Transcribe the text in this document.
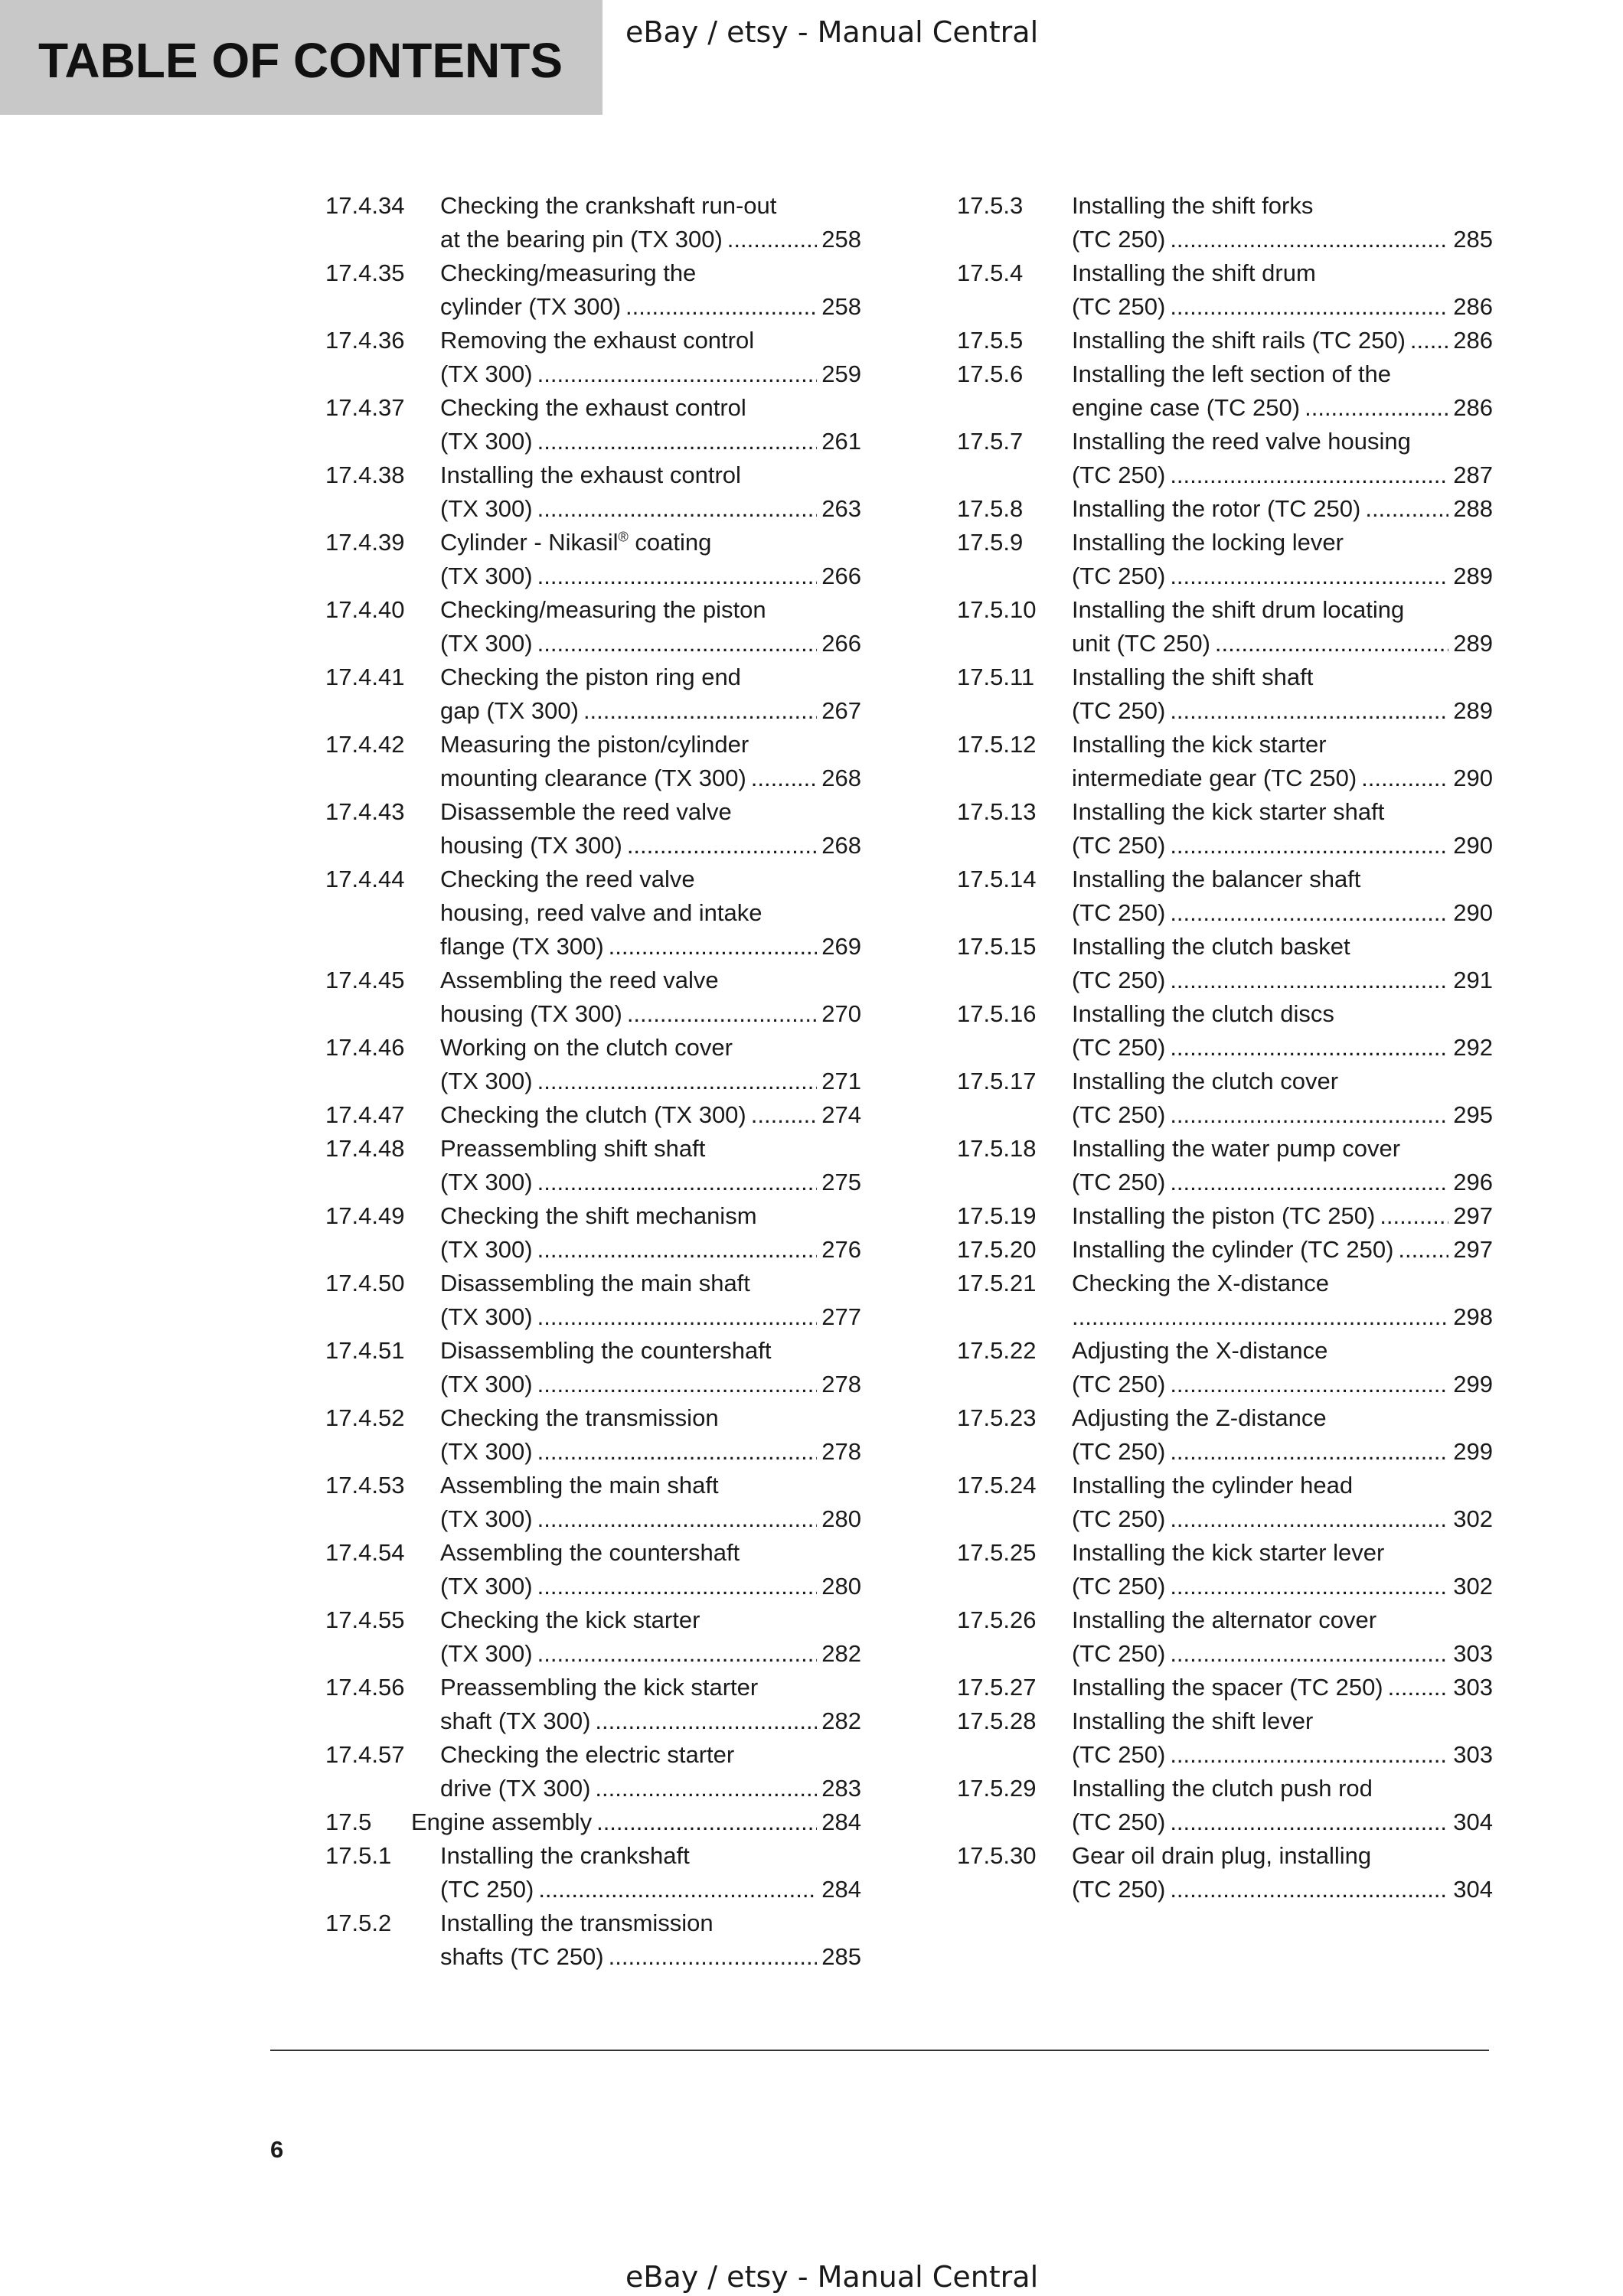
TABLE OF CONTENTS
eBay / etsy - Manual Central
17.4.34	Checking the crankshaft run-out
at the bearing pin (TX 300) .....	258
17.4.35	Checking/measuring the
cylinder (TX 300) .....	258
17.4.36	Removing the exhaust control
(TX 300) .....	259
17.4.37	Checking the exhaust control
(TX 300) .....	261
17.4.38	Installing the exhaust control
(TX 300) .....	263
17.4.39	Cylinder - Nikasil® coating
(TX 300) .....	266
17.4.40	Checking/measuring the piston
(TX 300) .....	266
17.4.41	Checking the piston ring end
gap (TX 300) .....	267
17.4.42	Measuring the piston/cylinder
mounting clearance (TX 300) .....	268
17.4.43	Disassemble the reed valve
housing (TX 300) .....	268
17.4.44	Checking the reed valve
housing, reed valve and intake
flange (TX 300) .....	269
17.4.45	Assembling the reed valve
housing (TX 300) .....	270
17.4.46	Working on the clutch cover
(TX 300) .....	271
17.4.47	Checking the clutch (TX 300) .....	274
17.4.48	Preassembling shift shaft
(TX 300) .....	275
17.4.49	Checking the shift mechanism
(TX 300) .....	276
17.4.50	Disassembling the main shaft
(TX 300) .....	277
17.4.51	Disassembling the countershaft
(TX 300) .....	278
17.4.52	Checking the transmission
(TX 300) .....	278
17.4.53	Assembling the main shaft
(TX 300) .....	280
17.4.54	Assembling the countershaft
(TX 300) .....	280
17.4.55	Checking the kick starter
(TX 300) .....	282
17.4.56	Preassembling the kick starter
shaft (TX 300) .....	282
17.4.57	Checking the electric starter
drive (TX 300) .....	283
17.5	Engine assembly .....	284
17.5.1	Installing the crankshaft
(TC 250) .....	284
17.5.2	Installing the transmission
shafts (TC 250) .....	285
17.5.3	Installing the shift forks
(TC 250) .....	285
17.5.4	Installing the shift drum
(TC 250) .....	286
17.5.5	Installing the shift rails (TC 250) ..... 286
17.5.6	Installing the left section of the
engine case (TC 250) .....	286
17.5.7	Installing the reed valve housing
(TC 250) .....	287
17.5.8	Installing the rotor (TC 250) .....	288
17.5.9	Installing the locking lever
(TC 250) .....	289
17.5.10	Installing the shift drum locating
unit (TC 250) .....	289
17.5.11	Installing the shift shaft
(TC 250) .....	289
17.5.12	Installing the kick starter
intermediate gear (TC 250) .....	290
17.5.13	Installing the kick starter shaft
(TC 250) .....	290
17.5.14	Installing the balancer shaft
(TC 250) .....	290
17.5.15	Installing the clutch basket
(TC 250) .....	291
17.5.16	Installing the clutch discs
(TC 250) .....	292
17.5.17	Installing the clutch cover
(TC 250) .....	295
17.5.18	Installing the water pump cover
(TC 250) .....	296
17.5.19	Installing the piston (TC 250) .....	297
17.5.20	Installing the cylinder (TC 250) .....	297
17.5.21	Checking the X-distance
.....
298
17.5.22	Adjusting the X-distance
(TC 250) .....	299
17.5.23	Adjusting the Z-distance
(TC 250) .....	299
17.5.24	Installing the cylinder head
(TC 250) .....	302
17.5.25	Installing the kick starter lever
(TC 250) .....	302
17.5.26	Installing the alternator cover
(TC 250) .....	303
17.5.27	Installing the spacer (TC 250) .....	303
17.5.28	Installing the shift lever
(TC 250) .....	303
17.5.29	Installing the clutch push rod
(TC 250) .....	304
17.5.30	Gear oil drain plug, installing
(TC 250) .....	304
6
eBay / etsy - Manual Central
